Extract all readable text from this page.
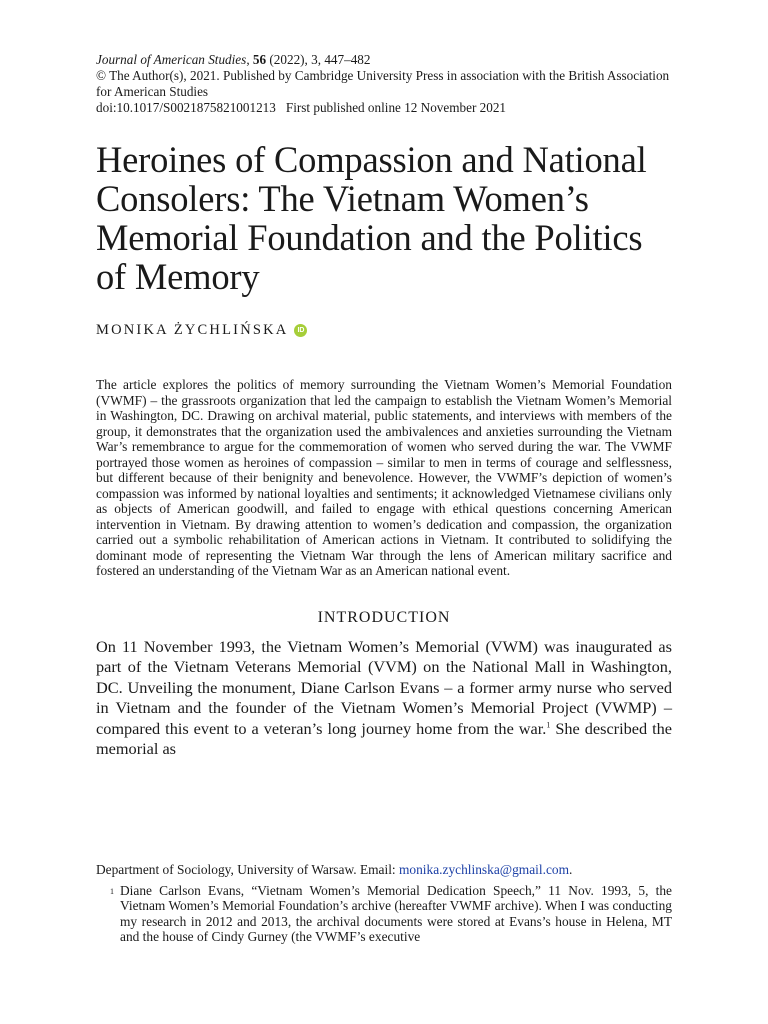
Journal of American Studies, 56 (2022), 3, 447–482
© The Author(s), 2021. Published by Cambridge University Press in association with the British Association for American Studies
doi:10.1017/S0021875821001213 First published online 12 November 2021
Heroines of Compassion and National Consolers: The Vietnam Women’s Memorial Foundation and the Politics of Memory
MONIKA ŻYCHLIŃSKA	ID
The article explores the politics of memory surrounding the Vietnam Women’s Memorial Foundation (VWMF) – the grassroots organization that led the campaign to establish the Vietnam Women’s Memorial in Washington, DC. Drawing on archival material, public statements, and interviews with members of the group, it demonstrates that the organization used the ambivalences and anxieties surrounding the Vietnam War’s remembrance to argue for the commemoration of women who served during the war. The VWMF portrayed those women as heroines of compassion – similar to men in terms of courage and selflessness, but different because of their benignity and benevolence. However, the VWMF’s depiction of women’s compassion was informed by national loyalties and sentiments; it acknowledged Vietnamese civilians only as objects of American goodwill, and failed to engage with ethical questions concerning American intervention in Vietnam. By drawing attention to women’s dedication and compassion, the organization carried out a symbolic rehabilitation of American actions in Vietnam. It contributed to solidifying the dominant mode of representing the Vietnam War through the lens of American military sacrifice and fostered an understanding of the Vietnam War as an American national event.
INTRODUCTION

On 11 November 1993, the Vietnam Women’s Memorial (VWM) was inaugurated as part of the Vietnam Veterans Memorial (VVM) on the National Mall in Washington, DC. Unveiling the monument, Diane Carlson Evans – a former army nurse who served in Vietnam and the founder of the Vietnam Women’s Memorial Project (VWMP) – compared this event to a veteran’s long journey home from the war.$^1$ She described the memorial as

Department of Sociology, University of Warsaw. Email: monika.zychlinska@gmail.com.
1 Diane Carlson Evans, “Vietnam Women’s Memorial Dedication Speech,” 11 Nov. 1993, 5, the Vietnam Women’s Memorial Foundation’s archive (hereafter VWMF archive). When I was conducting my research in 2012 and 2013, the archival documents were stored at Evans’s house in Helena, MT and the house of Cindy Gurney (the VWMF’s executive
